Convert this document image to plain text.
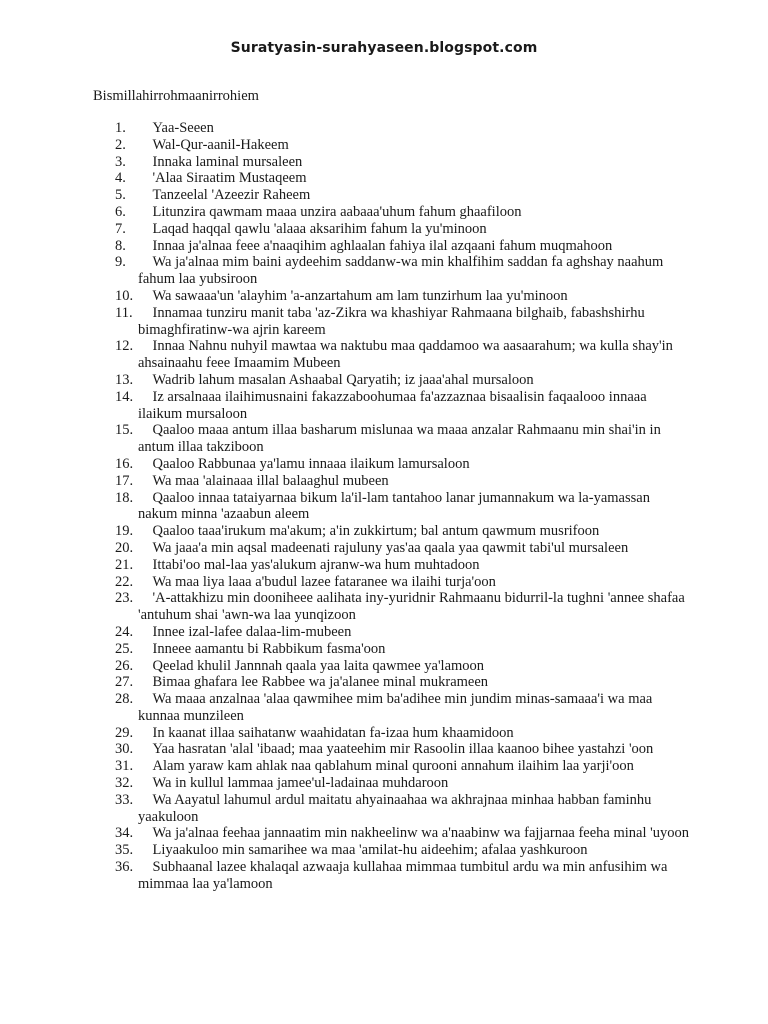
Suratyasin-surahyaseen.blogspot.com
Bismillahirrohmaanirrohiem
1. Yaa-Seeen
2. Wal-Qur-aanil-Hakeem
3. Innaka laminal mursaleen
4. 'Alaa Siraatim Mustaqeem
5. Tanzeelal 'Azeezir Raheem
6. Litunzira qawmam maaa unzira aabaaa'uhum fahum ghaafiloon
7. Laqad haqqal qawlu 'alaaa aksarihim fahum la yu'minoon
8. Innaa ja'alnaa feee a'naaqihim aghlaalan fahiya ilal azqaani fahum muqmahoon
9. Wa ja'alnaa mim baini aydeehim saddanw-wa min khalfihim saddan fa aghshay naahum fahum laa yubsiroon
10. Wa sawaaa'un 'alayhim 'a-anzartahum am lam tunzirhum laa yu'minoon
11. Innamaa tunziru manit taba 'az-Zikra wa khashiyar Rahmaana bilghaib, fabashshirhu bimaghfiratinw-wa ajrin kareem
12. Innaa Nahnu nuhyil mawtaa wa naktubu maa qaddamoo wa aasaarahum; wa kulla shay'in ahsainaahu feee Imaamim Mubeen
13. Wadrib lahum masalan Ashaabal Qaryatih; iz jaaa'ahal mursaloon
14. Iz arsalnaaa ilaihimusnaini fakazzaboohumaa fa'azzaznaa bisaalisin faqaalooo innaaa ilaikum mursaloon
15. Qaaloo maaa antum illaa basharum mislunaa wa maaa anzalar Rahmaanu min shai'in in antum illaa takziboon
16. Qaaloo Rabbunaa ya'lamu innaaa ilaikum lamursaloon
17. Wa maa 'alainaaa illal balaaghul mubeen
18. Qaaloo innaa tataiyarnaa bikum la'il-lam tantahoo lanar jumannakum wa la-yamassan nakum minna 'azaabun aleem
19. Qaaloo taaa'irukum ma'akum; a'in zukkirtum; bal antum qawmum musrifoon
20. Wa jaaa'a min aqsal madeenati rajuluny yas'aa qaala yaa qawmit tabi'ul mursaleen
21. Ittabi'oo mal-laa yas'alukum ajranw-wa hum muhtadoon
22. Wa maa liya laaa a'budul lazee fataranee wa ilaihi turja'oon
23. 'A-attakhizu min dooniheee aalihata iny-yuridnir Rahmaanu bidurril-la tughni 'annee shafaa 'antuhum shai 'awn-wa laa yunqizoon
24. Innee izal-lafee dalaa-lim-mubeen
25. Inneee aamantu bi Rabbikum fasma'oon
26. Qeelad khulil Jannnah qaala yaa laita qawmee ya'lamoon
27. Bimaa ghafara lee Rabbee wa ja'alanee minal mukrameen
28. Wa maaa anzalnaa 'alaa qawmihee mim ba'adihee min jundim minas-samaaa'i wa maa kunnaa munzileen
29. In kaanat illaa saihatanw waahidatan fa-izaa hum khaamidoon
30. Yaa hasratan 'alal 'ibaad; maa yaateehim mir Rasoolin illaa kaanoo bihee yastahzi 'oon
31. Alam yaraw kam ahlak naa qablahum minal qurooni annahum ilaihim laa yarji'oon
32. Wa in kullul lammaa jamee'ul-ladainaa muhdaroon
33. Wa Aayatul lahumul ardul maitatu ahyainaahaa wa akhrajnaa minhaa habban faminhu yaakuloon
34. Wa ja'alnaa feehaa jannaatim min nakheelinw wa a'naabinw wa fajjarnaa feeha minal 'uyoon
35. Liyaakuloo min samarihee wa maa 'amilat-hu aideehim; afalaa yashkuroon
36. Subhaanal lazee khalaqal azwaaja kullahaa mimmaa tumbitul ardu wa min anfusihim wa mimmaa laa ya'lamoon
